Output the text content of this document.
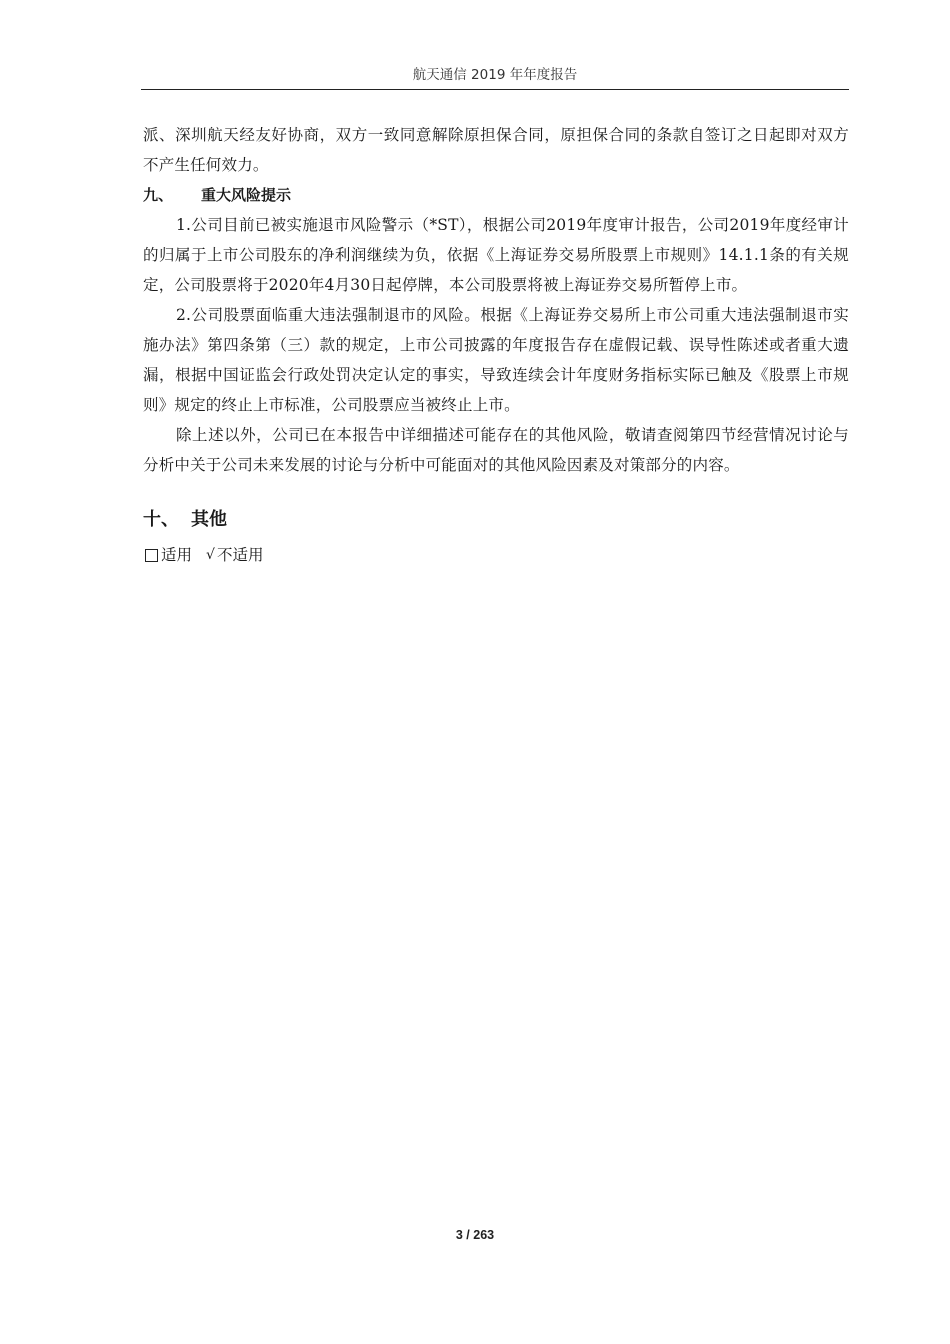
航天通信 2019 年年度报告

派、深圳航天经友好协商，双方一致同意解除原担保合同，原担保合同的条款自签订之日起即对双方不产生任何效力。

九、	重大风险提示

1.公司目前已被实施退市风险警示（*ST），根据公司2019年度审计报告，公司2019年度经审计的归属于上市公司股东的净利润继续为负，依据《上海证券交易所股票上市规则》14.1.1条的有关规定，公司股票将于2020年4月30日起停牌，本公司股票将被上海证券交易所暂停上市。

2.公司股票面临重大违法强制退市的风险。根据《上海证券交易所上市公司重大违法强制退市实施办法》第四条第（三）款的规定，上市公司披露的年度报告存在虚假记载、误导性陈述或者重大遗漏，根据中国证监会行政处罚决定认定的事实，导致连续会计年度财务指标实际已触及《股票上市规则》规定的终止上市标准，公司股票应当被终止上市。

除上述以外，公司已在本报告中详细描述可能存在的其他风险，敬请查阅第四节经营情况讨论与分析中关于公司未来发展的讨论与分析中可能面对的其他风险因素及对策部分的内容。

十、 其他
适用 √ 不适用
3 / 263
